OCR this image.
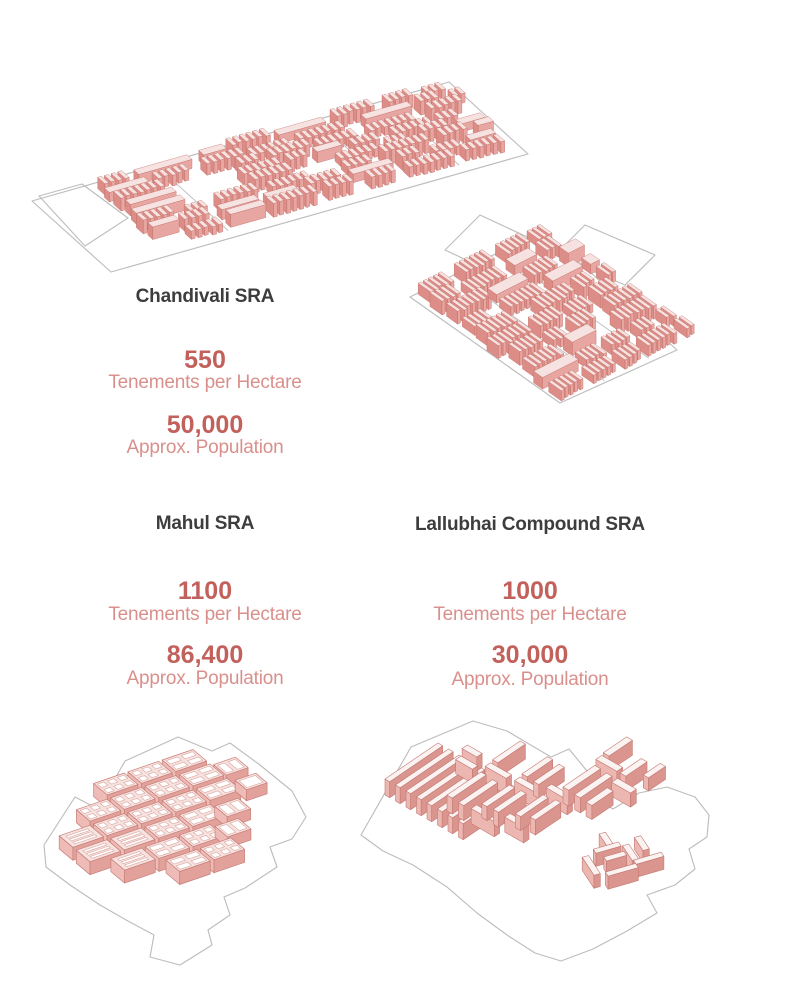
Chandivali SRA
550
Tenements per Hectare
50,000
Approx. Population
Mahul SRA
1100
Tenements per Hectare
86,400
Approx. Population
Lallubhai Compound SRA
1000
Tenements per Hectare
30,000
Approx. Population
